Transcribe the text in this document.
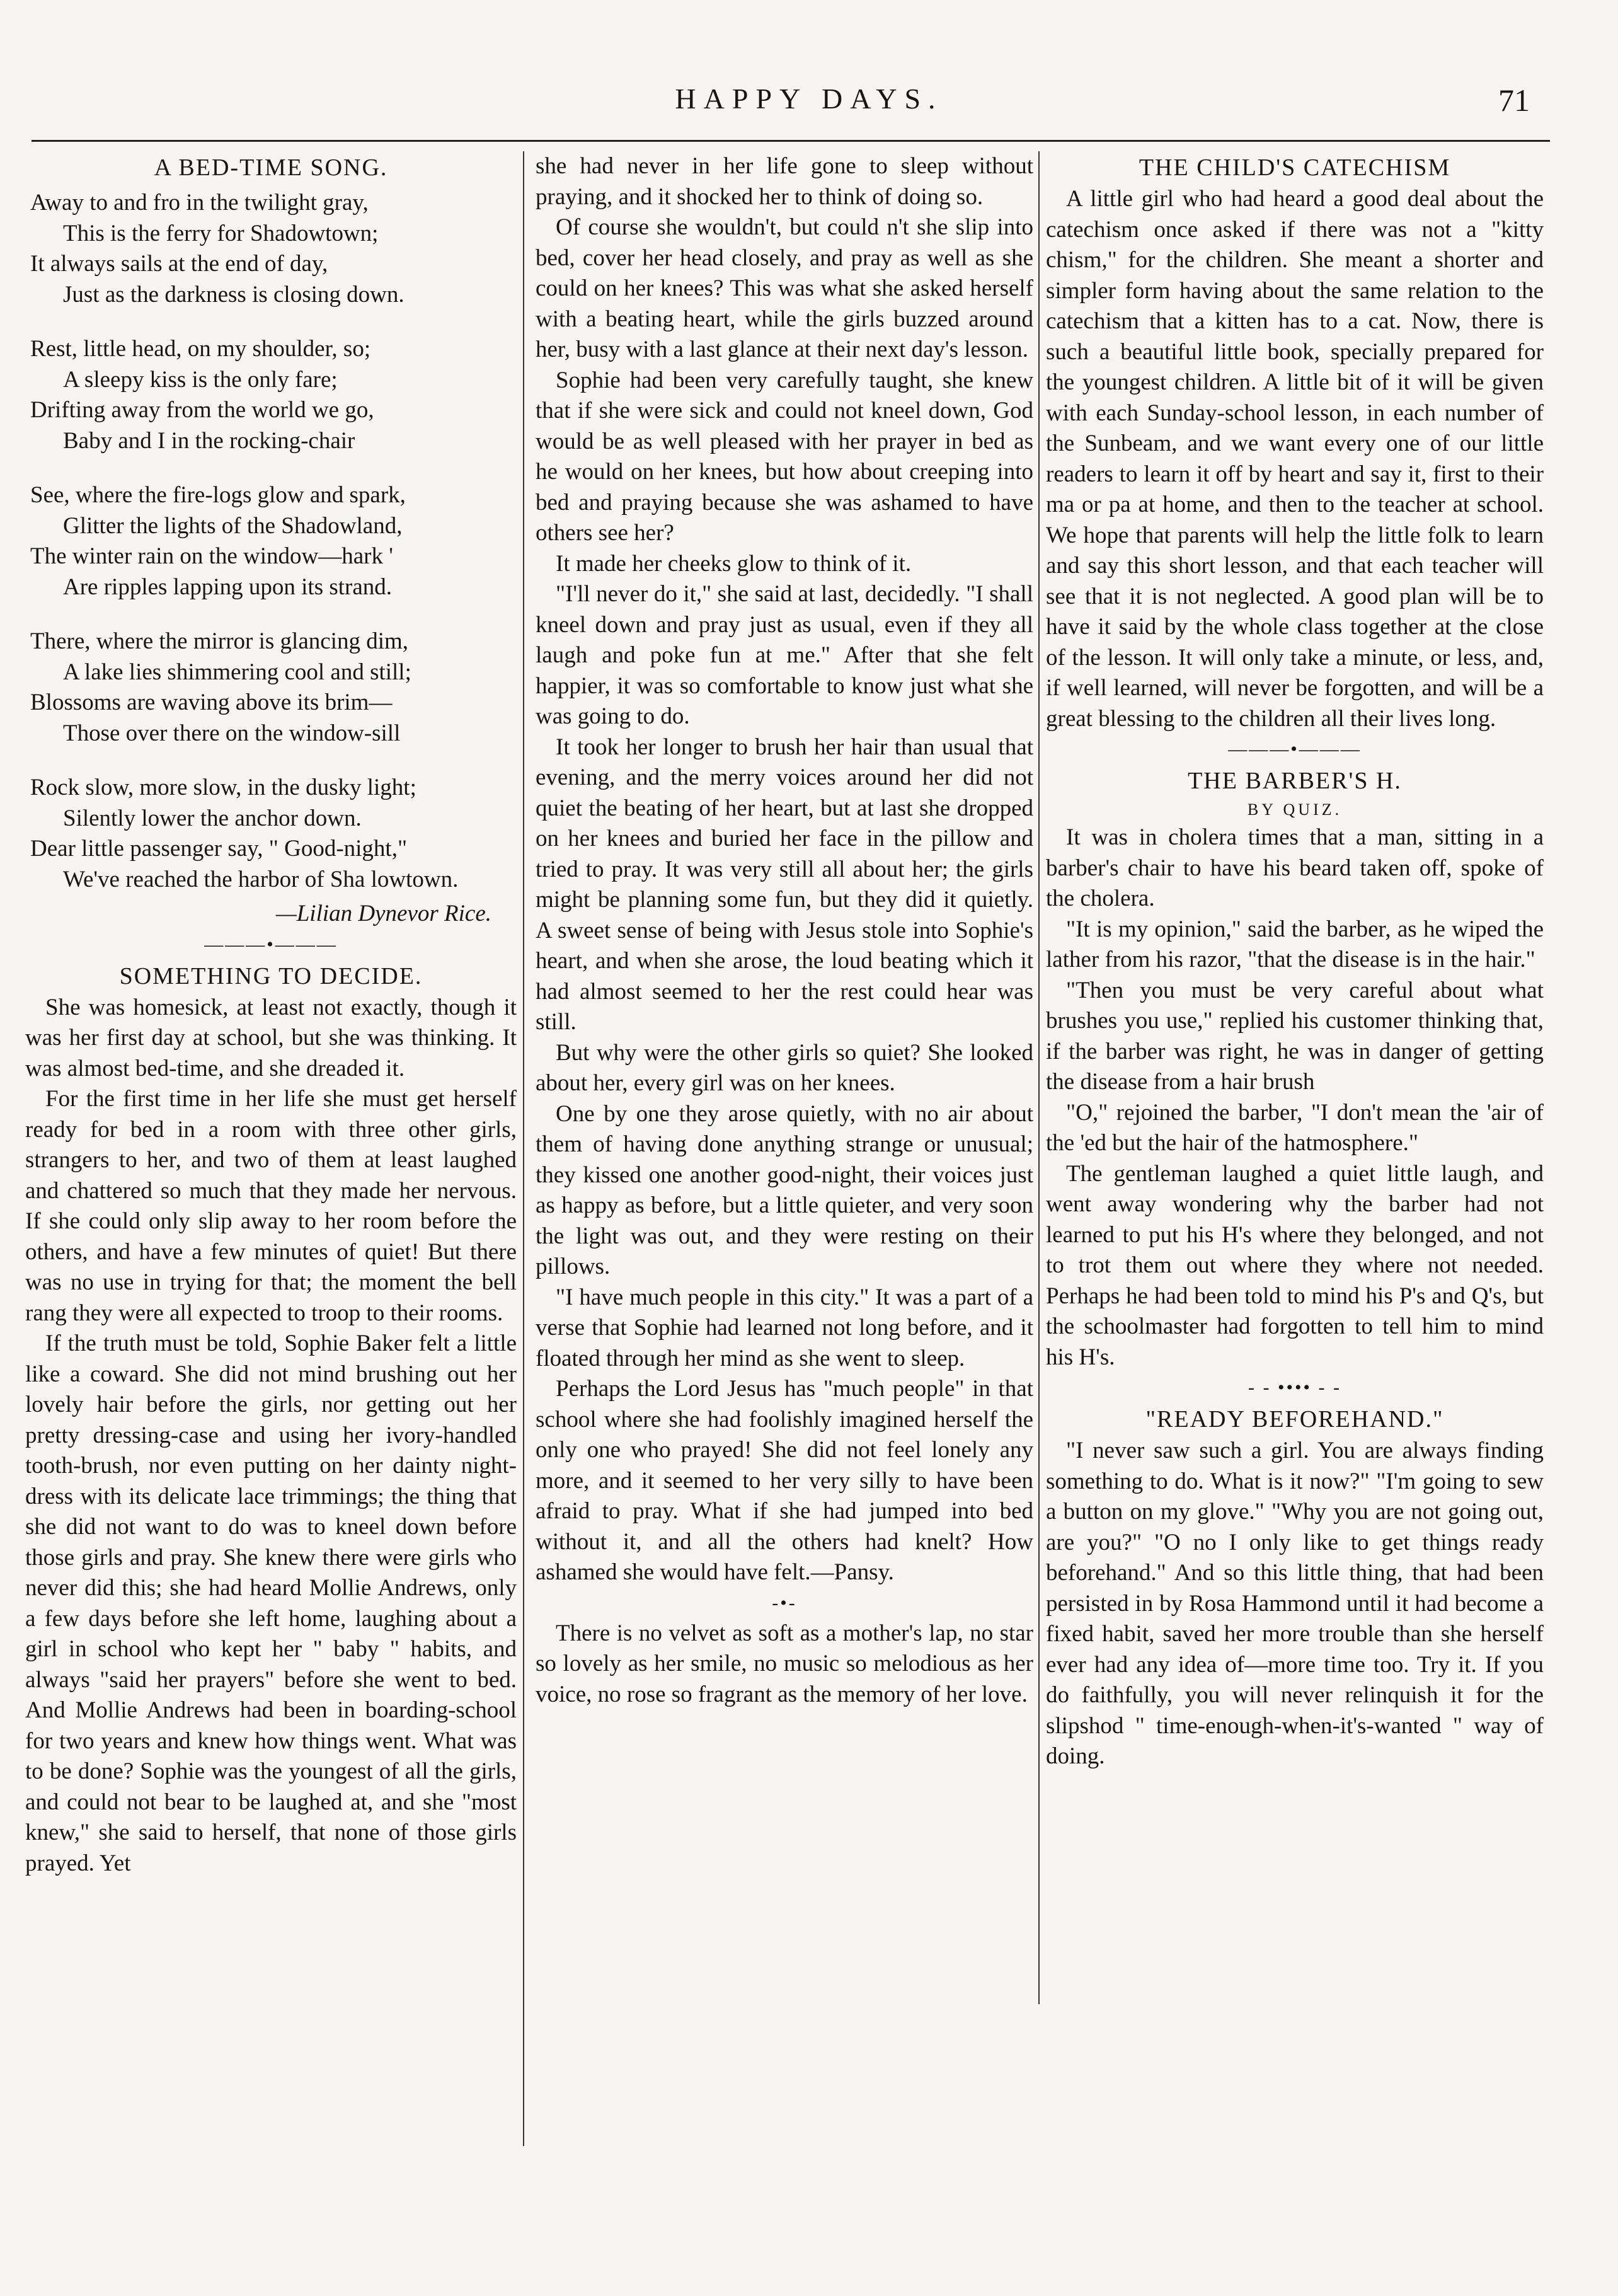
HAPPY DAYS.	71
A BED-TIME SONG.
Away to and fro in the twilight gray,
This is the ferry for Shadowtown;
It always sails at the end of day,
Just as the darkness is closing down.
Rest, little head, on my shoulder, so;
A sleepy kiss is the only fare;
Drifting away from the world we go,
Baby and I in the rocking-chair
See, where the fire-logs glow and spark,
Glitter the lights of the Shadowland,
The winter rain on the window—hark '
Are ripples lapping upon its strand.
There, where the mirror is glancing dim,
A lake lies shimmering cool and still;
Blossoms are waving above its brim—
Those over there on the window-sill
Rock slow, more slow, in the dusky light;
Silently lower the anchor down.
Dear little passenger say, " Good-night,"
We've reached the harbor of Sha lowtown.
—Lilian Dynevor Rice.
———•———
SOMETHING TO DECIDE.

She was homesick, at least not exactly, though it was her first day at school, but she was thinking. It was almost bed-time, and she dreaded it.

For the first time in her life she must get herself ready for bed in a room with three other girls, strangers to her, and two of them at least laughed and chattered so much that they made her nervous. If she could only slip away to her room before the others, and have a few minutes of quiet! But there was no use in trying for that; the moment the bell rang they were all expected to troop to their rooms.

If the truth must be told, Sophie Baker felt a little like a coward. She did not mind brushing out her lovely hair before the girls, nor getting out her pretty dressing-case and using her ivory-handled tooth-brush, nor even putting on her dainty night-dress with its delicate lace trimmings; the thing that she did not want to do was to kneel down before those girls and pray. She knew there were girls who never did this; she had heard Mollie Andrews, only a few days before she left home, laughing about a girl in school who kept her " baby " habits, and always "said her prayers" before she went to bed. And Mollie Andrews had been in boarding-school for two years and knew how things went. What was to be done? Sophie was the youngest of all the girls, and could not bear to be laughed at, and she "most knew," she said to herself, that none of those girls prayed. Yet

she had never in her life gone to sleep without praying, and it shocked her to think of doing so.

Of course she wouldn't, but could n't she slip into bed, cover her head closely, and pray as well as she could on her knees? This was what she asked herself with a beating heart, while the girls buzzed around her, busy with a last glance at their next day's lesson.

Sophie had been very carefully taught, she knew that if she were sick and could not kneel down, God would be as well pleased with her prayer in bed as he would on her knees, but how about creeping into bed and praying because she was ashamed to have others see her?

It made her cheeks glow to think of it.

"I'll never do it," she said at last, decidedly. "I shall kneel down and pray just as usual, even if they all laugh and poke fun at me." After that she felt happier, it was so comfortable to know just what she was going to do.

It took her longer to brush her hair than usual that evening, and the merry voices around her did not quiet the beating of her heart, but at last she dropped on her knees and buried her face in the pillow and tried to pray. It was very still all about her; the girls might be planning some fun, but they did it quietly. A sweet sense of being with Jesus stole into Sophie's heart, and when she arose, the loud beating which it had almost seemed to her the rest could hear was still.

But why were the other girls so quiet? She looked about her, every girl was on her knees.

One by one they arose quietly, with no air about them of having done anything strange or unusual; they kissed one another good-night, their voices just as happy as before, but a little quieter, and very soon the light was out, and they were resting on their pillows.

"I have much people in this city." It was a part of a verse that Sophie had learned not long before, and it floated through her mind as she went to sleep.

Perhaps the Lord Jesus has "much people" in that school where she had foolishly imagined herself the only one who prayed! She did not feel lonely any more, and it seemed to her very silly to have been afraid to pray. What if she had jumped into bed without it, and all the others had knelt? How ashamed she would have felt.—Pansy.

-•-

There is no velvet as soft as a mother's lap, no star so lovely as her smile, no music so melodious as her voice, no rose so fragrant as the memory of her love.

THE CHILD'S CATECHISM

A little girl who had heard a good deal about the catechism once asked if there was not a "kitty chism," for the children. She meant a shorter and simpler form having about the same relation to the catechism that a kitten has to a cat. Now, there is such a beautiful little book, specially prepared for the youngest children. A little bit of it will be given with each Sunday-school lesson, in each number of the Sunbeam, and we want every one of our little readers to learn it off by heart and say it, first to their ma or pa at home, and then to the teacher at school. We hope that parents will help the little folk to learn and say this short lesson, and that each teacher will see that it is not neglected. A good plan will be to have it said by the whole class together at the close of the lesson. It will only take a minute, or less, and, if well learned, will never be forgotten, and will be a great blessing to the children all their lives long.

———•———
THE BARBER'S H.
BY QUIZ.

It was in cholera times that a man, sitting in a barber's chair to have his beard taken off, spoke of the cholera.

"It is my opinion," said the barber, as he wiped the lather from his razor, "that the disease is in the hair."

"Then you must be very careful about what brushes you use," replied his customer thinking that, if the barber was right, he was in danger of getting the disease from a hair brush

"O," rejoined the barber, "I don't mean the 'air of the 'ed but the hair of the hatmosphere."

The gentleman laughed a quiet little laugh, and went away wondering why the barber had not learned to put his H's where they belonged, and not to trot them out where they where not needed. Perhaps he had been told to mind his P's and Q's, but the schoolmaster had forgotten to tell him to mind his H's.

- - •••• - -
"READY BEFOREHAND."

"I never saw such a girl. You are always finding something to do. What is it now?" "I'm going to sew a button on my glove." "Why you are not going out, are you?" "O no I only like to get things ready beforehand." And so this little thing, that had been persisted in by Rosa Hammond until it had become a fixed habit, saved her more trouble than she herself ever had any idea of—more time too. Try it. If you do faithfully, you will never relinquish it for the slipshod " time-enough-when-it's-wanted " way of doing.
